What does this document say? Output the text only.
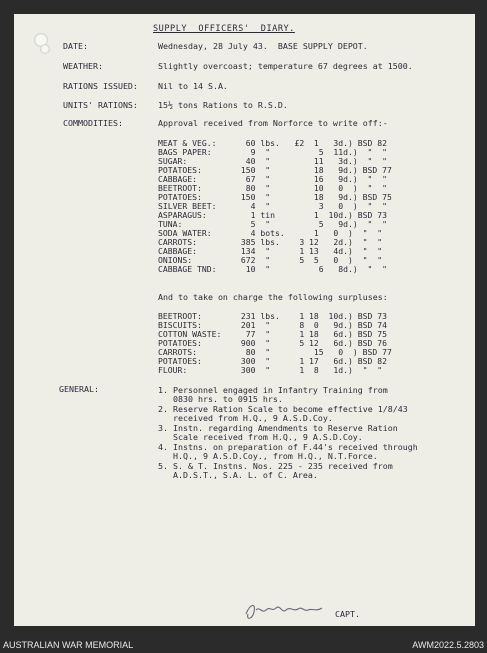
SUPPLY  OFFICERS'  DIARY.
DATE:	Wednesday, 28 July 43.  BASE SUPPLY DEPOT.
WEATHER:	Slightly overcoast; temperature 67 degrees at 1500.
RATIONS ISSUED: Nil to 14 S.A.
UNITS' RATIONS: 15½ tons Rations to R.S.D.
COMMODITIES:	Approval received from Norforce to write off:-
MEAT & VEG.:      60 lbs.   £2  1   3d.) BSD 82
BAGS PAPER:        9  "          5  11d.)  "  "
SUGAR:            40  "         11   3d.)  "  "
POTATOES:        150  "         18   9d.) BSD 77
CABBAGE:          67  "         16   9d.)  "  "
BEETROOT:         80  "         10   0  )  "  "
POTATOES:        150  "         18   9d.) BSD 75
SILVER BEET:       4  "          3   0  )  "  "
ASPARAGUS:         1 tin        1  10d.) BSD 73
TUNA:              5  "          5   9d.)  "  "
SODA WATER:        4 bots.      1   0  )  "  "
CARROTS:         385 lbs.    3 12   2d.)  "  "
CABBAGE:         134  "      1 13   4d.)  "  "
ONIONS:          672  "      5  5   0  )  "  "
CABBAGE TND:      10  "          6   8d.)  "  "
And to take on charge the following surpluses:
BEETROOT:        231 lbs.    1 18  10d.) BSD 73
BISCUITS:        201  "      8  0   9d.) BSD 74
COTTON WASTE:     77  "      1 18   6d.) BSD 75
POTATOES:        900  "      5 12   6d.) BSD 76
CARROTS:          80  "         15   0  ) BSD 77
POTATOES:        300  "      1 17   6d.) BSD 82
FLOUR:           300  "      1  8   1d.)  "  "
GENERAL:	1. Personnel engaged in Infantry Training from
0830 hrs. to 0915 hrs.
2. Reserve Ration Scale to become effective 1/8/43
received from H.Q., 9 A.S.D.Coy.
3. Instn. regarding Amendments to Reserve Ration
Scale received from H.Q., 9 A.S.D.Coy.
4. Instns. on preparation of F.44's received through
H.Q., 9 A.S.D.Coy., from H.Q., N.T.Force.
5. S. & T. Instns. Nos. 225 - 235 received from
A.D.S.T., S.A. L. of C. Area.
CAPT.
AUSTRALIAN WAR MEMORIAL	AWM2022.5.2803
